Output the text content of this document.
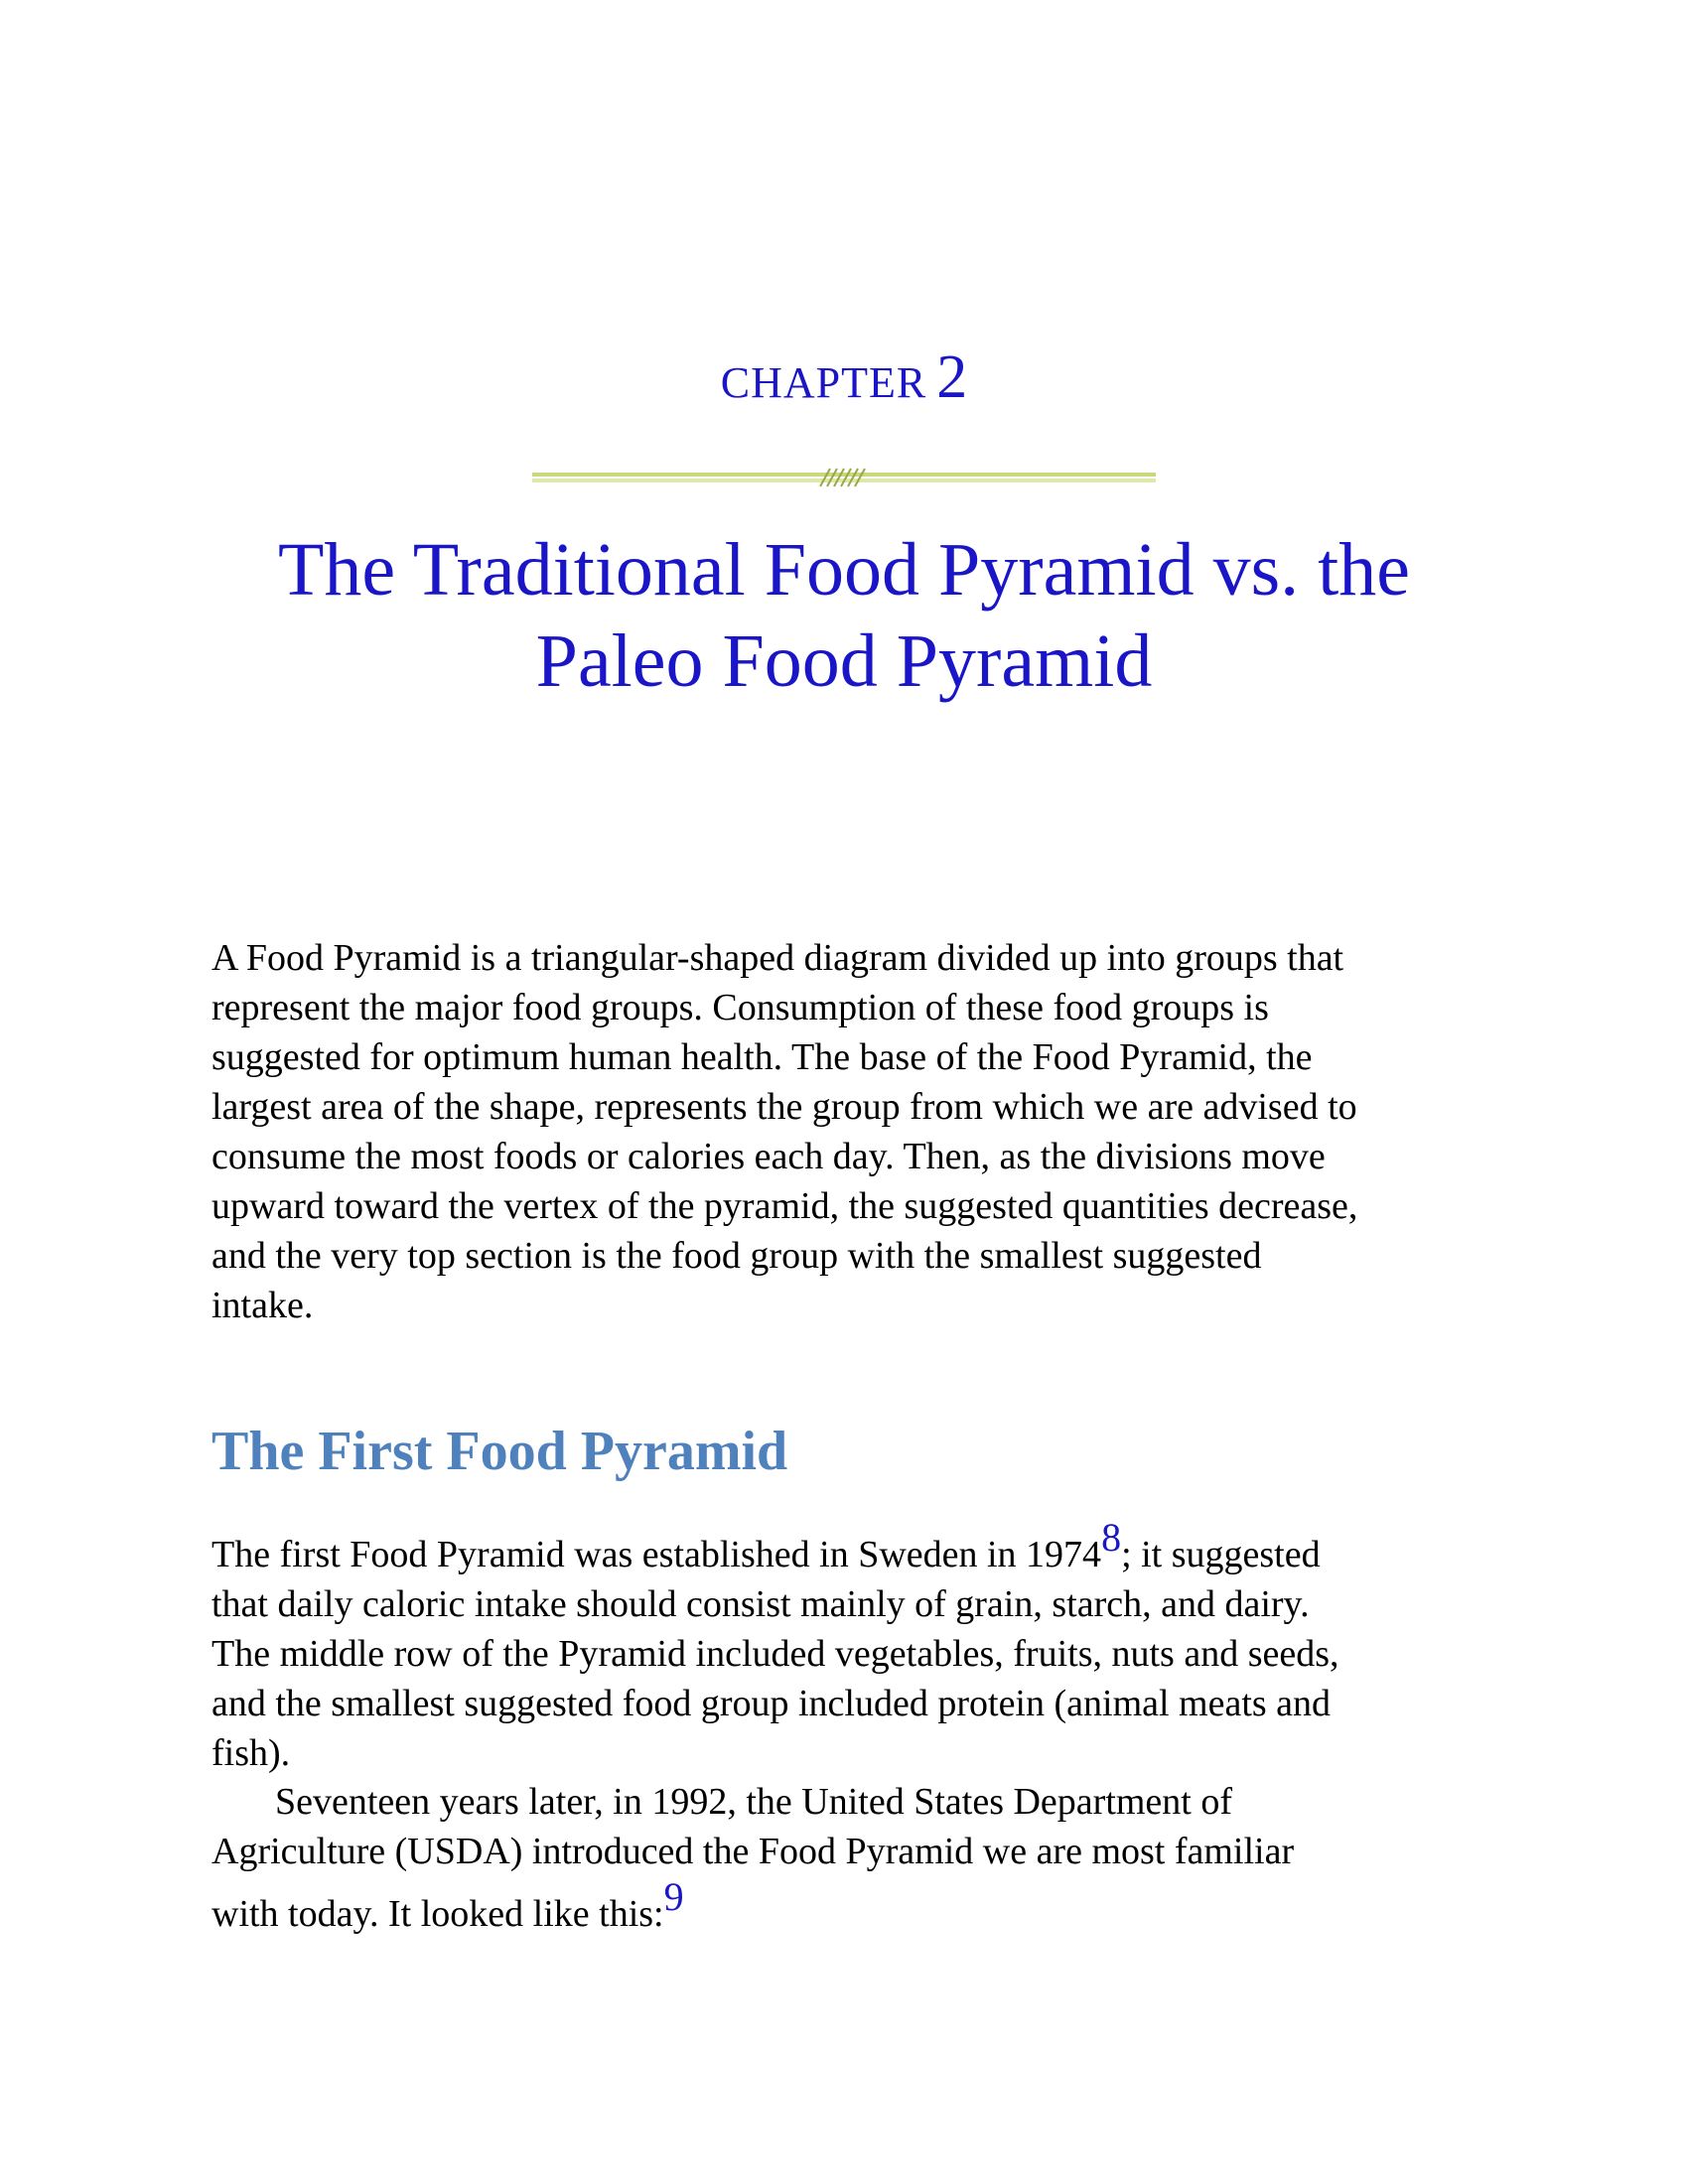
CHAPTER 2
The Traditional Food Pyramid vs. the
Paleo Food Pyramid

A Food Pyramid is a triangular-shaped diagram divided up into groups that
represent the major food groups. Consumption of these food groups is
suggested for optimum human health. The base of the Food Pyramid, the
largest area of the shape, represents the group from which we are advised to
consume the most foods or calories each day. Then, as the divisions move
upward toward the vertex of the pyramid, the suggested quantities decrease,
and the very top section is the food group with the smallest suggested
intake.

The First Food Pyramid

The first Food Pyramid was established in Sweden in 19748; it suggested
that daily caloric intake should consist mainly of grain, starch, and dairy.
The middle row of the Pyramid included vegetables, fruits, nuts and seeds,
and the smallest suggested food group included protein (animal meats and
fish).

Seventeen years later, in 1992, the United States Department of
Agriculture (USDA) introduced the Food Pyramid we are most familiar
with today. It looked like this:9
